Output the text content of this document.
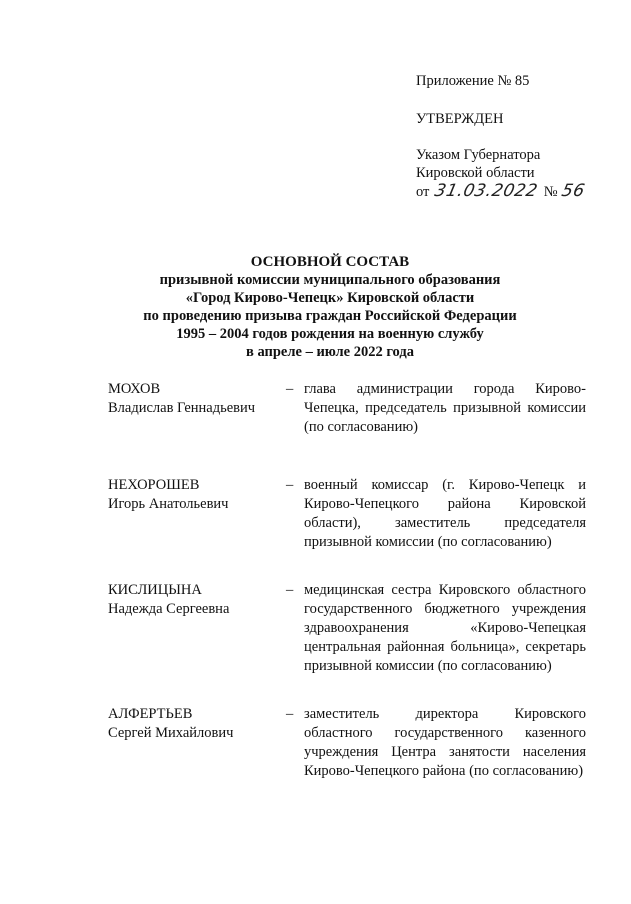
Приложение № 85
УТВЕРЖДЕН
Указом Губернатора
Кировской области
от 31.03.2022 № 56
ОСНОВНОЙ СОСТАВ
призывной комиссии муниципального образования
«Город Кирово-Чепецк» Кировской области
по проведению призыва граждан Российской Федерации
1995 – 2004 годов рождения на военную службу
в апреле – июле 2022 года
МОХОВ
Владислав Геннадьевич
– глава администрации города Кирово-Чепецка, председатель призывной комиссии (по согласованию)
НЕХОРОШЕВ
Игорь Анатольевич
– военный комиссар (г. Кирово-Чепецк и Кирово-Чепецкого района Кировской области), заместитель председателя призывной комиссии (по согласованию)
КИСЛИЦЫНА
Надежда Сергеевна
– медицинская сестра Кировского областного государственного бюджетного учреждения здравоохранения «Кирово-Чепецкая центральная районная больница», секретарь призывной комиссии (по согласованию)
АЛФЕРТЬЕВ
Сергей Михайлович
– заместитель директора Кировского областного государственного казенного учреждения Центра занятости населения Кирово-Чепецкого района (по согласованию)
